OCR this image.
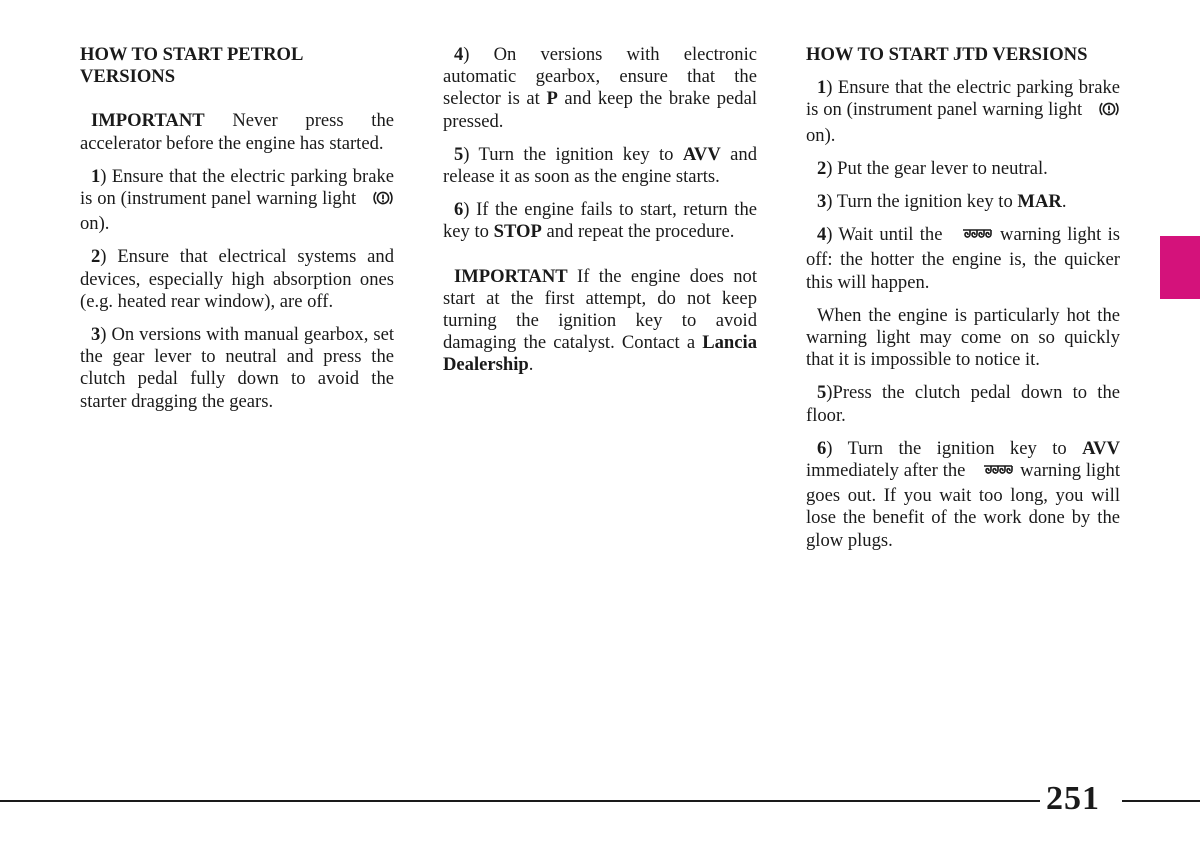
HOW TO START PETROL VERSIONS

IMPORTANT Never press the accelerator before the engine has started.

1) Ensure that the electric parking brake is on (instrument panel warning light  on).

2) Ensure that electrical systems and devices, especially high absorption ones (e.g. heated rear window), are off.

3) On versions with manual gearbox, set the gear lever to neutral and press the clutch pedal fully down to avoid the starter dragging the gears.

4) On versions with electronic automatic gearbox, ensure that the selector is at P and keep the brake pedal pressed.

5) Turn the ignition key to AVV and release it as soon as the engine starts.

6) If the engine fails to start, return the key to STOP and repeat the procedure.

IMPORTANT If the engine does not start at the first attempt, do not keep turning the ignition key to avoid damaging the catalyst. Contact a Lancia Dealership.

HOW TO START JTD VERSIONS

1) Ensure that the electric parking brake is on (instrument panel warning light  on).

2) Put the gear lever to neutral.

3) Turn the ignition key to MAR.

4) Wait until the  warning light is off: the hotter the engine is, the quicker this will happen.

When the engine is particularly hot the warning light may come on so quickly that it is impossible to notice it.

5)Press the clutch pedal down to the floor.

6) Turn the ignition key to AVV immediately after the  warning light goes out. If you wait too long, you will lose the benefit of the work done by the glow plugs.

251
